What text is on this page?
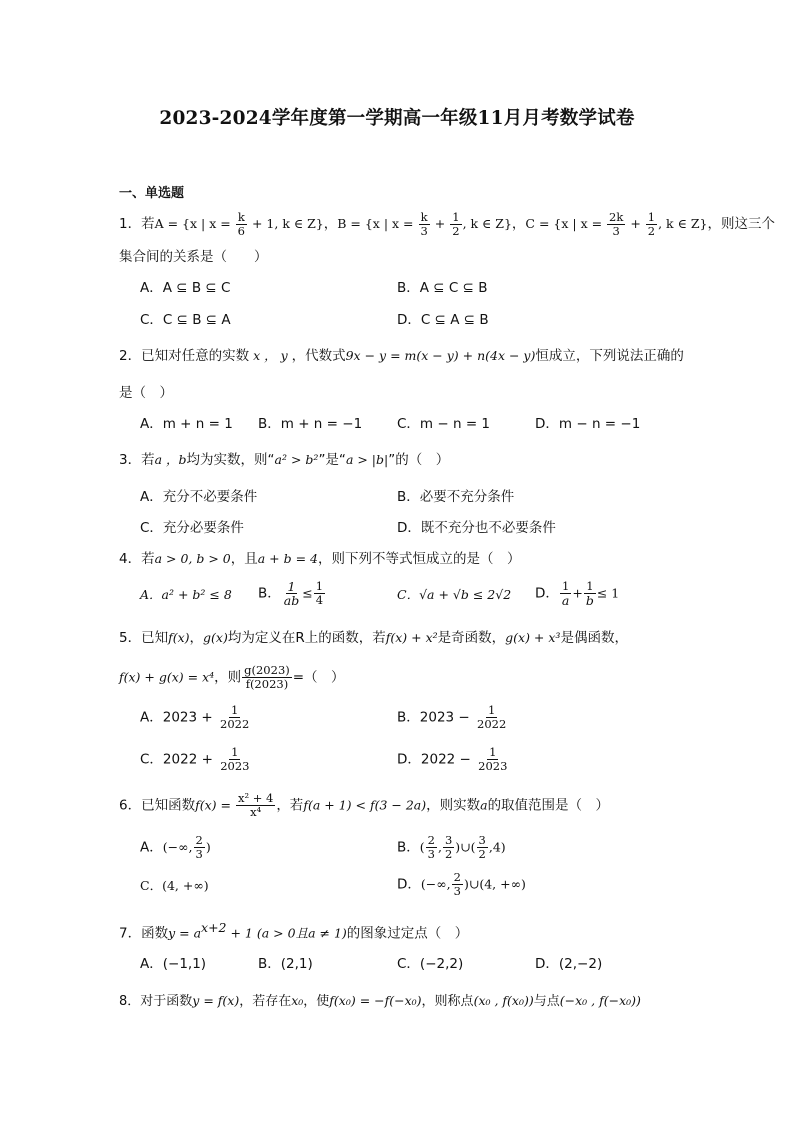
2023-2024学年度第一学期高一年级11月月考数学试卷
一、单选题
1．若A = {x | $x = \frac{k}{6} + 1$, k ∈ Z}，B = {x | $x = \frac{k}{3} + \frac{1}{2}$ , k ∈ Z}，C = {x | $x = \frac{2k}{3} + \frac{1}{2}$ , k ∈ Z}，则这三个
集合间的关系是（　　）
A．A ⊆ B ⊆ C	B．A ⊆ C ⊆ B
C．C ⊆ B ⊆ A	D．C ⊆ A ⊆ B
2．已知对任意的实数 x ， y ，代数式9x − y = m(x − y) + n(4x − y)恒成立，下列说法正确的
是（　）
A．m + n = 1 B．m + n = −1	C．m − n = 1	D．m − n = −1
3．若a ，b均为实数，则“a² > b²”是“a > |b|”的（　）
A．充分不必要条件	B．必要不充分条件
C．充分必要条件	D．既不充分也不必要条件
4．若a > 0, b > 0，且a + b = 4，则下列不等式恒成立的是（　）
A．a² + b² ≤ 8 B． $\frac{1}{ab} \le \frac{1}{4}$	C．√a + √b ≤ 2√2 D． $\frac{1}{a} + \frac{1}{b} \le 1$
5．已知f(x)，g(x)均为定义在R上的函数，若f(x) + x²是奇函数，g(x) + x³是偶函数，
f(x) + g(x) = x⁴，则 $\frac{g(2023)}{f(2023)}$ =（　）
A．$2023 + \frac{1}{2022}$	B．$2023 - \frac{1}{2022}$
C．$2022 + \frac{1}{2023}$	D．$2022 - \frac{1}{2023}$
6．已知函数$f(x) = \frac{\text{x² + 4}}{\text{x⁴}}$ ，若f(a + 1) < f(3 − 2a)，则实数a的取值范围是（　）
A．(−∞, $\frac{2}{3}$ )	B．( $\frac{2}{3}$ , $\frac{3}{2}$ )∪( $\frac{3}{2} ,4$)
C．(4, +∞)	D．(−∞, $\frac{2}{3}$ )∪(4, +∞)
7．函数$y = a^{x+2} + 1$ (a > 0且a ≠ 1)的图象过定点（　）
A．(−1,1)	B．(2,1)	C．(−2,2)	D．(2,−2)
8．对于函数y = f(x)，若存在x₀，使f(x₀) = −f(−x₀)，则称点(x₀ , f(x₀))与点(−x₀ , f(−x₀))
